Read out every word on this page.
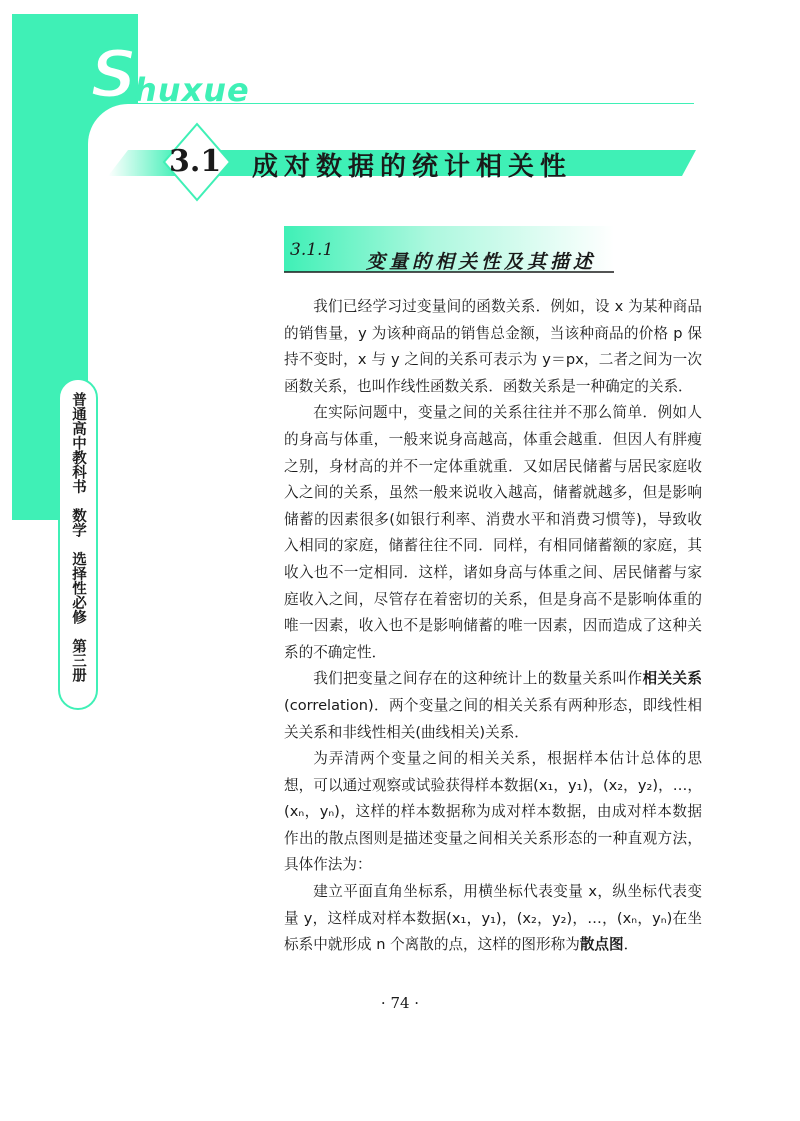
S
huxue
3.1 成对数据的统计相关性
3.1.1
变量的相关性及其描述
普通高中教科书　数学　选择性必修　第三册

我们已经学习过变量间的函数关系．例如，设 x 为某种商品的销售量，y 为该种商品的销售总金额，当该种商品的价格 p 保持不变时，x 与 y 之间的关系可表示为 y＝px，二者之间为一次函数关系，也叫作线性函数关系．函数关系是一种确定的关系．

在实际问题中，变量之间的关系往往并不那么简单．例如人的身高与体重，一般来说身高越高，体重会越重．但因人有胖瘦之别，身材高的并不一定体重就重．又如居民储蓄与居民家庭收入之间的关系，虽然一般来说收入越高，储蓄就越多，但是影响储蓄的因素很多(如银行利率、消费水平和消费习惯等)，导致收入相同的家庭，储蓄往往不同．同样，有相同储蓄额的家庭，其收入也不一定相同．这样，诸如身高与体重之间、居民储蓄与家庭收入之间，尽管存在着密切的关系，但是身高不是影响体重的唯一因素，收入也不是影响储蓄的唯一因素，因而造成了这种关系的不确定性．

我们把变量之间存在的这种统计上的数量关系叫作相关关系(correlation)．两个变量之间的相关关系有两种形态，即线性相关关系和非线性相关(曲线相关)关系．

为弄清两个变量之间的相关关系，根据样本估计总体的思想，可以通过观察或试验获得样本数据(x₁，y₁)，(x₂，y₂)，…，(xₙ，yₙ)，这样的样本数据称为成对样本数据，由成对样本数据作出的散点图则是描述变量之间相关关系形态的一种直观方法，具体作法为：

建立平面直角坐标系，用横坐标代表变量 x，纵坐标代表变量 y，这样成对样本数据(x₁，y₁)，(x₂，y₂)，…，(xₙ，yₙ)在坐标系中就形成 n 个离散的点，这样的图形称为散点图．

· 74 ·
